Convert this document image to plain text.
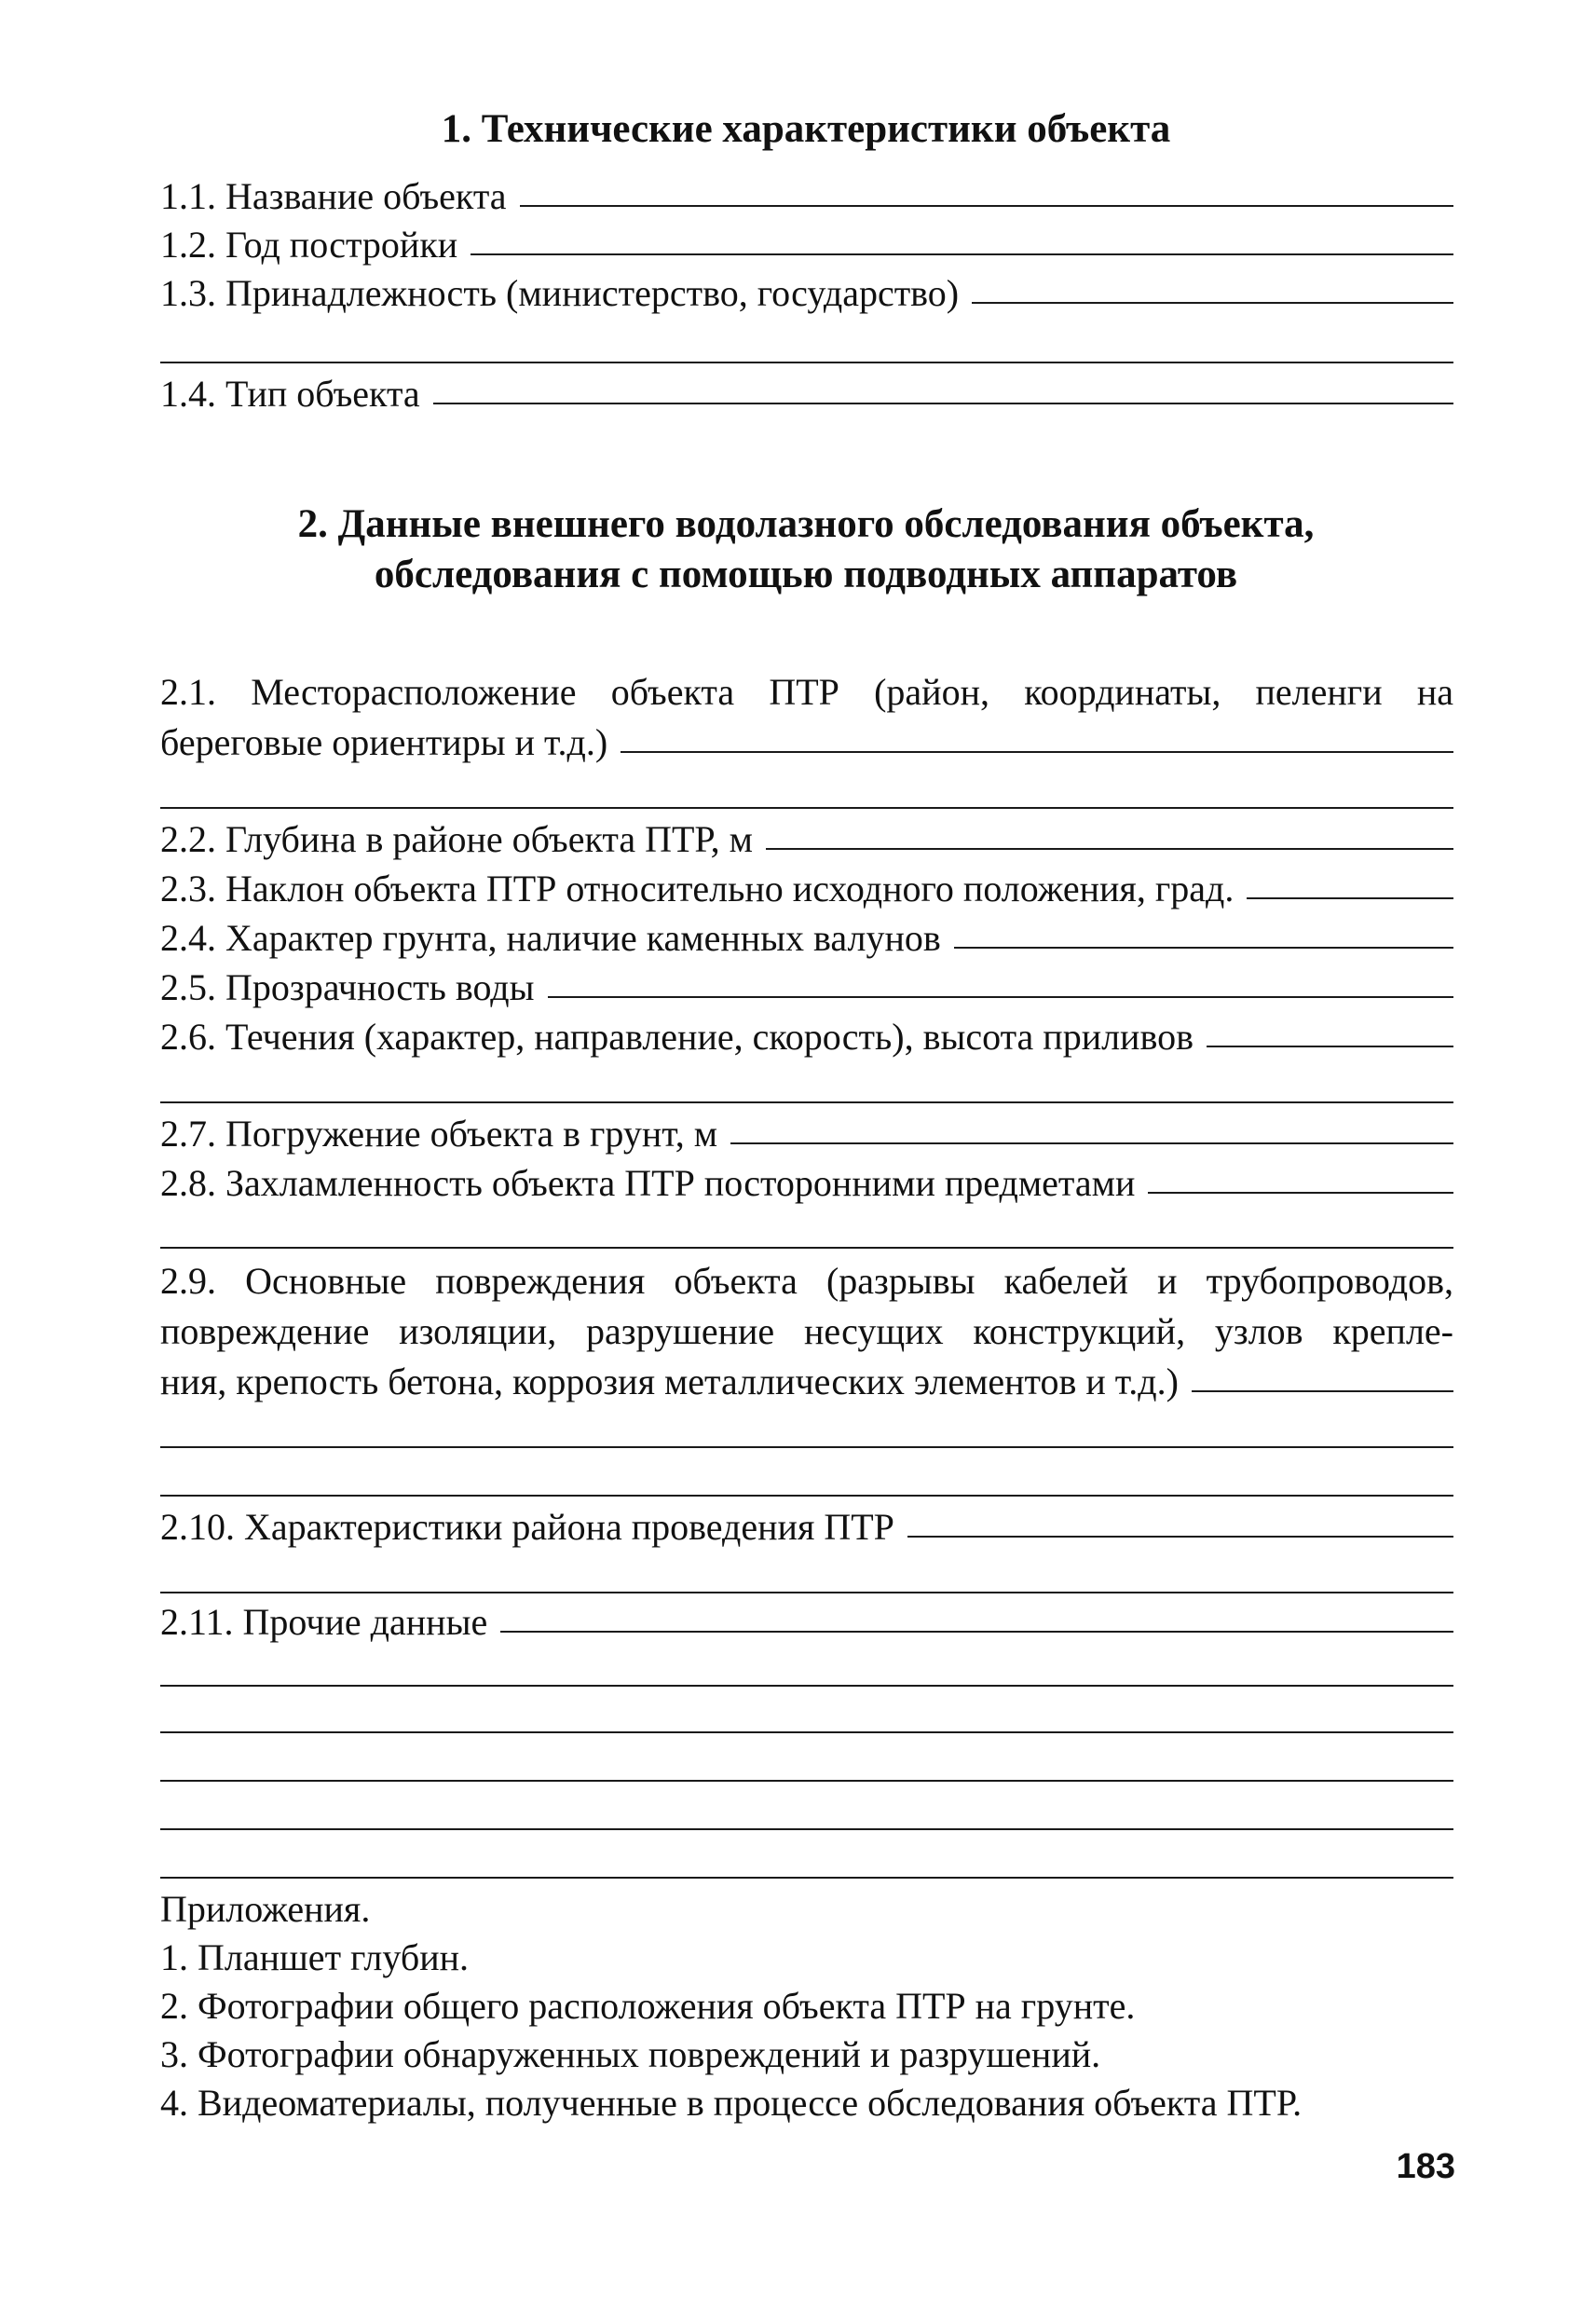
1. Технические характеристики объекта
1.1. Название объекта
1.2. Год постройки
1.3. Принадлежность (министерство, государство)
1.4. Тип объекта
2. Данные внешнего водолазного обследования объекта,
обследования с помощью подводных аппаратов
2.1. Месторасположение объекта ПТР (район, координаты, пеленги на
береговые ориентиры и т.д.)
2.2. Глубина в районе объекта ПТР, м
2.3. Наклон объекта ПТР относительно исходного положения, град.
2.4. Характер грунта, наличие каменных валунов
2.5. Прозрачность воды
2.6. Течения (характер, направление, скорость), высота приливов
2.7. Погружение объекта в грунт, м
2.8. Захламленность объекта ПТР посторонними предметами
2.9. Основные повреждения объекта (разрывы кабелей и трубопроводов,
повреждение изоляции, разрушение несущих конструкций, узлов крепле-
ния, крепость бетона, коррозия металлических элементов и т.д.)
2.10. Характеристики района проведения ПТР
2.11. Прочие данные
Приложения.
1. Планшет глубин.
2. Фотографии общего расположения объекта ПТР на грунте.
3. Фотографии обнаруженных повреждений и разрушений.
4. Видеоматериалы, полученные в процессе обследования объекта ПТР.
183
